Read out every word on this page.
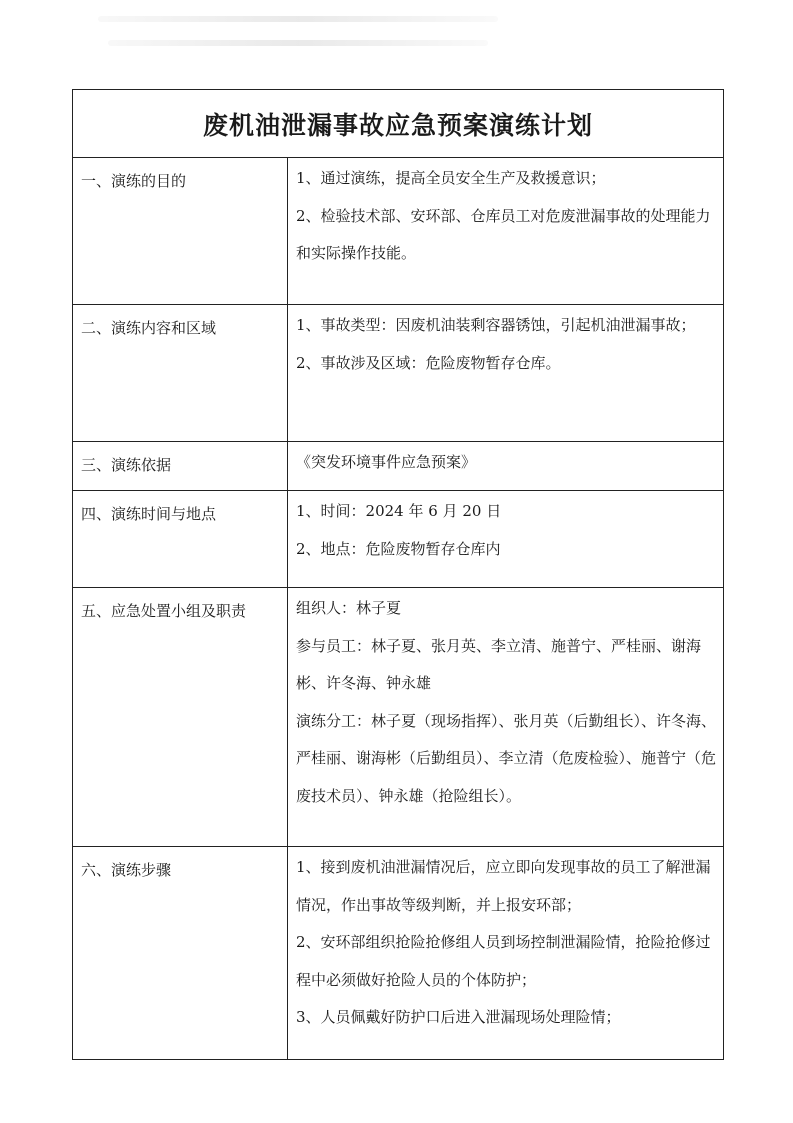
废机油泄漏事故应急预案演练计划	
一、演练的目的	1、通过演练，提高全员安全生产及救援意识；

2、检验技术部、安环部、仓库员工对危废泄漏事故的处理能力和实际操作技能。

二、演练内容和区域	1、事故类型：因废机油装剩容器锈蚀，引起机油泄漏事故；

2、事故涉及区域：危险废物暂存仓库。

三、演练依据	《突发环境事件应急预案》

四、演练时间与地点	1、时间：2024 年 6 月 20 日

2、地点：危险废物暂存仓库内

五、应急处置小组及职责	组织人：林子夏

参与员工：林子夏、张月英、李立清、施普宁、严桂丽、谢海彬、许冬海、钟永雄

演练分工：林子夏（现场指挥）、张月英（后勤组长）、许冬海、严桂丽、谢海彬（后勤组员）、李立清（危废检验）、施普宁（危废技术员）、钟永雄（抢险组长）。

六、演练步骤	1、接到废机油泄漏情况后，应立即向发现事故的员工了解泄漏情况，作出事故等级判断，并上报安环部；

2、安环部组织抢险抢修组人员到场控制泄漏险情，抢险抢修过程中必须做好抢险人员的个体防护；

3、人员佩戴好防护口后进入泄漏现场处理险情；
